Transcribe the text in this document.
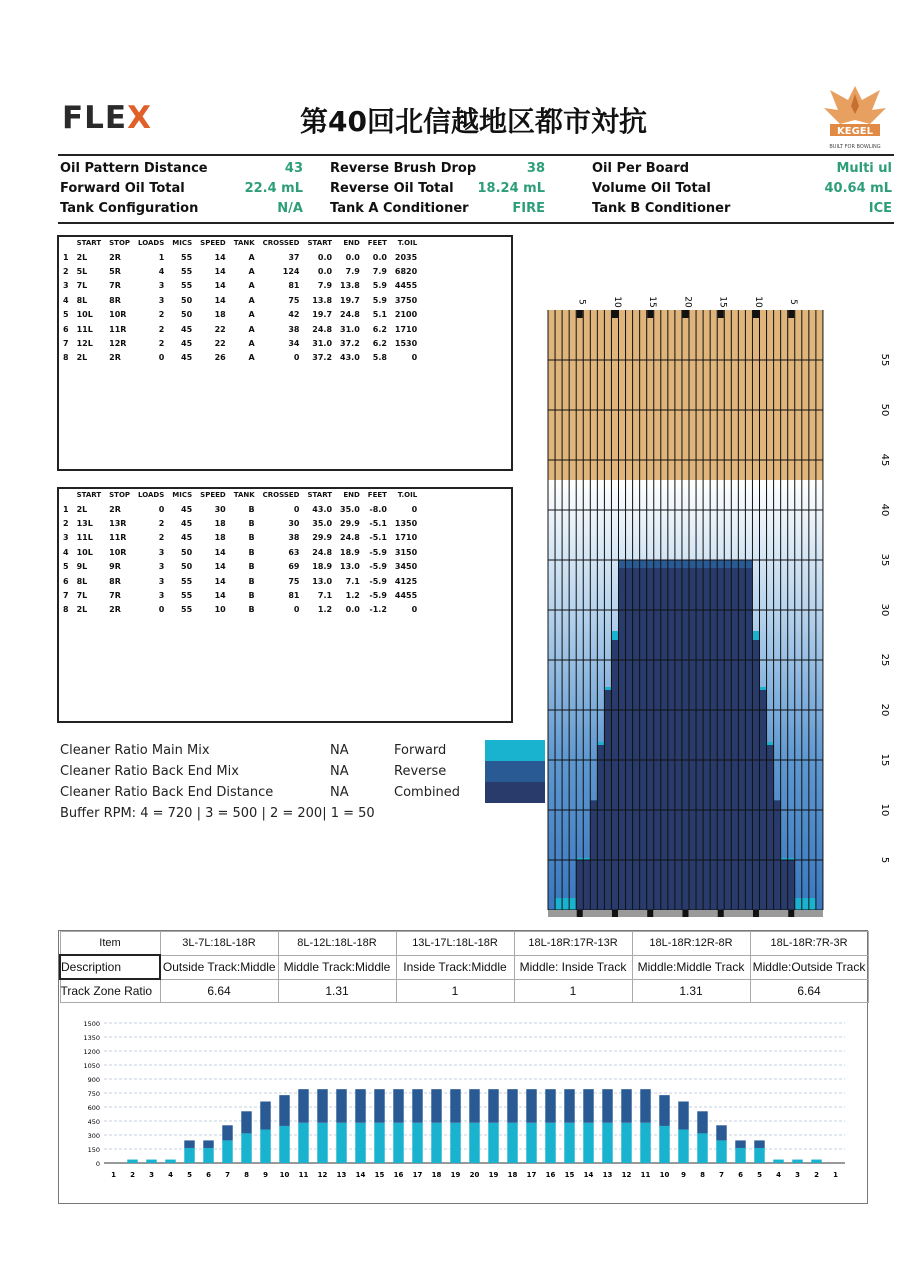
FLEX	第40回北信越地区都市対抗	KEGEL
BUILT FOR BOWLING
Oil Pattern Distance	43
Forward Oil Total	22.4 mL
Tank Configuration	N/A
Reverse Brush Drop	38
Reverse Oil Total	18.24 mL
Tank A Conditioner	FIRE
Oil Per Board	Multi ul
Volume Oil Total	40.64 mL
Tank B Conditioner	ICE
	START	STOP	LOADS	MICS	SPEED	TANK	CROSSED	START	END	FEET	T.OIL
1	2L	2R	1	55	14	A	37	0.0	0.0	0.0	2035
2	5L	5R	4	55	14	A	124	0.0	7.9	7.9	6820
3	7L	7R	3	55	14	A	81	7.9	13.8	5.9	4455
4	8L	8R	3	50	14	A	75	13.8	19.7	5.9	3750
5	10L	10R	2	50	18	A	42	19.7	24.8	5.1	2100
6	11L	11R	2	45	22	A	38	24.8	31.0	6.2	1710
7	12L	12R	2	45	22	A	34	31.0	37.2	6.2	1530
8	2L	2R	0	45	26	A	0	37.2	43.0	5.8	0
	START	STOP	LOADS	MICS	SPEED	TANK	CROSSED	START	END	FEET	T.OIL
1	2L	2R	0	45	30	B	0	43.0	35.0	-8.0	0
2	13L	13R	2	45	18	B	30	35.0	29.9	-5.1	1350
3	11L	11R	2	45	18	B	38	29.9	24.8	-5.1	1710
4	10L	10R	3	50	14	B	63	24.8	18.9	-5.9	3150
5	9L	9R	3	50	14	B	69	18.9	13.0	-5.9	3450
6	8L	8R	3	55	14	B	75	13.0	7.1	-5.9	4125
7	7L	7R	3	55	14	B	81	7.1	1.2	-5.9	4455
8	2L	2R	0	55	10	B	0	1.2	0.0	-1.2	0
Cleaner Ratio Main Mix	NA	Forward
Cleaner Ratio Back End Mix	NA	Reverse
Cleaner Ratio Back End Distance	NA	Combined
Buffer RPM: 4 = 720 | 3 = 500 | 2 = 200| 1 = 50
5	10	15	20	15	10	5
55
50
45
40
35
30
25
20
15
10
5
Item	3L-7L:18L-18R	8L-12L:18L-18R	13L-17L:18L-18R	18L-18R:17R-13R	18L-18R:12R-8R	18L-18R:7R-3R
Description	Outside Track:Middle	Middle Track:Middle	Inside Track:Middle	Middle: Inside Track	Middle:Middle Track	Middle:Outside Track
Track Zone Ratio	6.64	1.31	1	1	1.31	6.64
0
150
300
450
600
750
900
1050
1200
1350
1500
1 2 3 4 5 6 7 8 9 10 11 12 13 14 15 16 17 18 19 20 19 18 17 16 15 14 13 12 11 10 9 8 7 6 5 4 3 2 1
